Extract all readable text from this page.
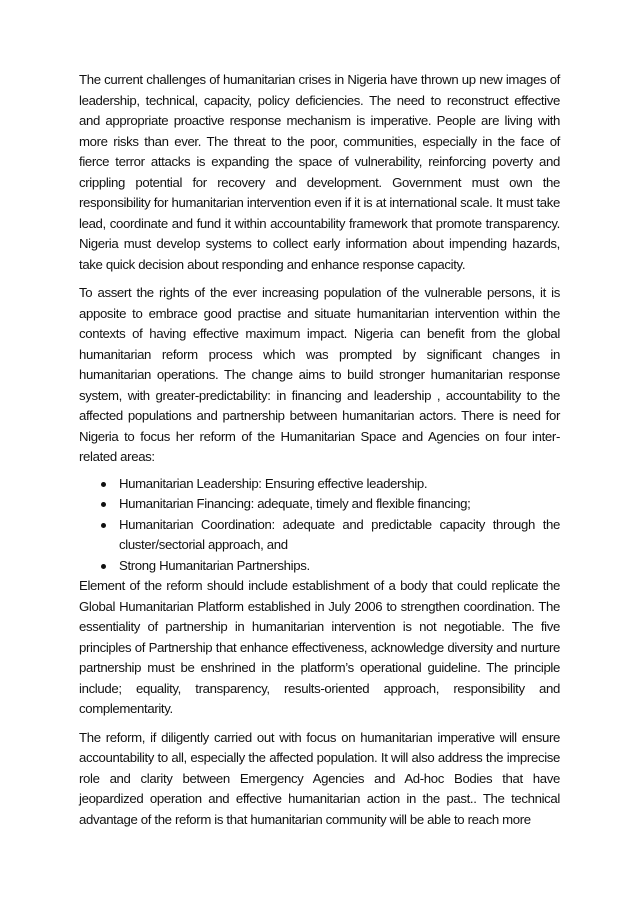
The current challenges of humanitarian crises in Nigeria have thrown up new images of leadership, technical, capacity, policy deficiencies. The need to reconstruct effective and appropriate proactive response mechanism is imperative. People are living with more risks than ever. The threat to the poor, communities, especially in the face of fierce terror attacks is expanding the space of vulnerability, reinforcing poverty and crippling potential for recovery and development. Government must own the responsibility for humanitarian intervention even if it is at international scale. It must take lead, coordinate and fund it within accountability framework that promote transparency. Nigeria must develop systems to collect early information about impending hazards, take quick decision about responding and enhance response capacity.

To assert the rights of the ever increasing population of the vulnerable persons, it is apposite to embrace good practise and situate humanitarian intervention within the contexts of having effective maximum impact. Nigeria can benefit from the global humanitarian reform process which was prompted by significant changes in humanitarian operations. The change aims to build stronger humanitarian response system, with greater-predictability: in financing and leadership , accountability to the affected populations and partnership between humanitarian actors. There is need for Nigeria to focus her reform of the Humanitarian Space and Agencies on four inter-related areas:

Humanitarian Leadership: Ensuring effective leadership.
Humanitarian Financing: adequate, timely and flexible financing;
Humanitarian Coordination: adequate and predictable capacity through the cluster/sectorial approach, and
Strong Humanitarian Partnerships.

Element of the reform should include establishment of a body that could replicate the Global Humanitarian Platform established in July 2006 to strengthen coordination. The essentiality of partnership in humanitarian intervention is not negotiable. The five principles of Partnership that enhance effectiveness, acknowledge diversity and nurture partnership must be enshrined in the platform’s operational guideline. The principle include; equality, transparency, results-oriented approach, responsibility and complementarity.

The reform, if diligently carried out with focus on humanitarian imperative will ensure accountability to all, especially the affected population. It will also address the imprecise role and clarity between Emergency Agencies and Ad-hoc Bodies that have jeopardized operation and effective humanitarian action in the past.. The technical advantage of the reform is that humanitarian community will be able to reach more
